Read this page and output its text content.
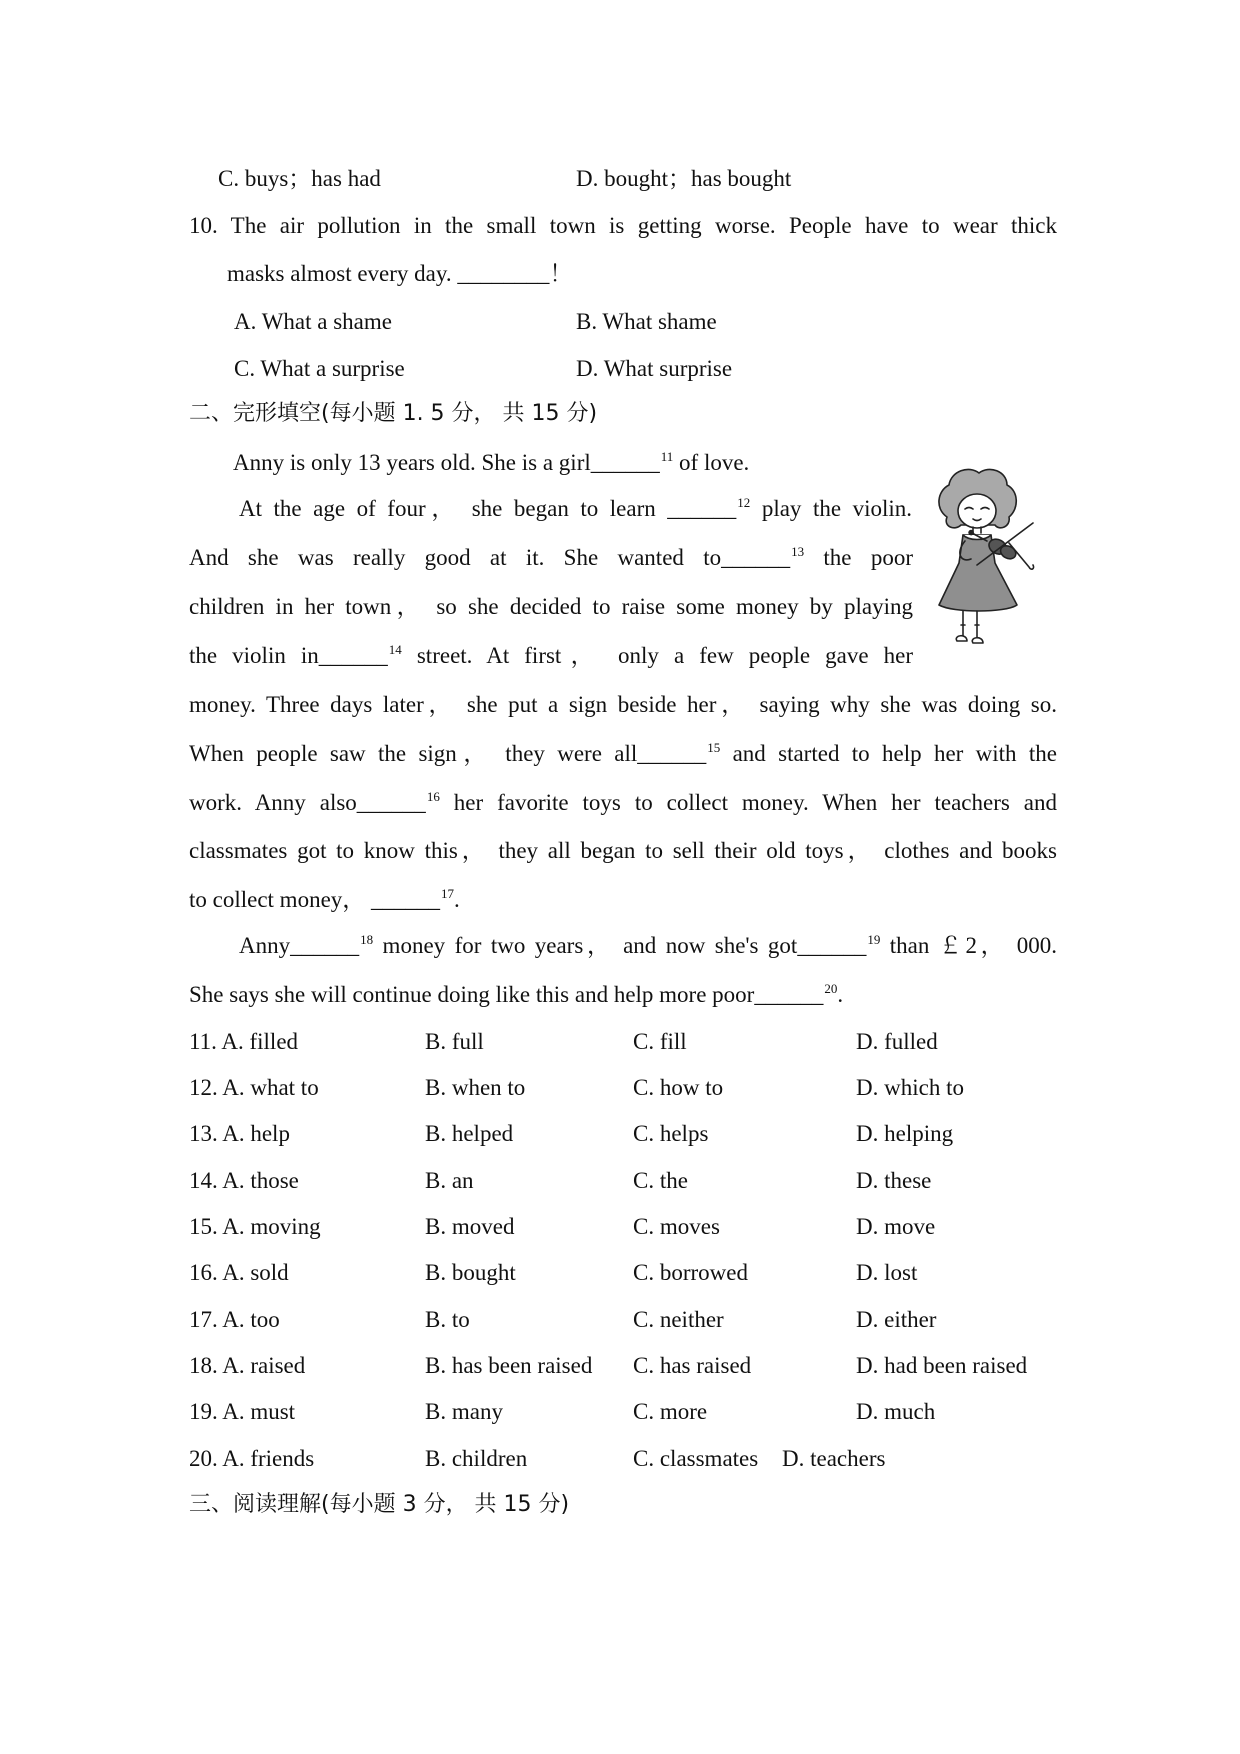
C. buys；has had	D. bought；has bought
10. The air pollution in the small town is getting worse. People have to wear thick
masks almost every day. ________！
A. What a shame	B. What shame
C. What a surprise	D. What surprise
二、完形填空(每小题 1. 5 分， 共 15 分)
Anny is only 13 years old. She is a girl______$^{11}$ of love.
At the age of four， she began to learn ______$^{12}$ play the violin.
And she was really good at it. She wanted to______$^{13}$ the poor
children in her town， so she decided to raise some money by playing
the violin in______$^{14}$ street. At first， only a few people gave her
money. Three days later， she put a sign beside her， saying why she was doing so.
When people saw the sign， they were all______$^{15}$ and started to help her with the
work. Anny also______$^{16}$ her favorite toys to collect money. When her teachers and
classmates got to know this， they all began to sell their old toys， clothes and books
to collect money， ______$^{17}$.
Anny______$^{18}$ money for two years， and now she's got______$^{19}$ than ￡2， 000.
She says she will continue doing like this and help more poor______$^{20}$.
11. A. filled	B. full	C. fill	D. fulled
12. A. what to	B. when to	C. how to	D. which to
13. A. help	B. helped	C. helps	D. helping
14. A. those	B. an	C. the	D. these
15. A. moving	B. moved	C. moves	D. move
16. A. sold	B. bought	C. borrowed	D. lost
17. A. too	B. to	C. neither	D. either
18. A. raised	B. has been raised C. has raised	D. had been raised
19. A. must	B. many	C. more	D. much
20. A. friends	B. children	C. classmates D. teachers
三、阅读理解(每小题 3 分， 共 15 分)
